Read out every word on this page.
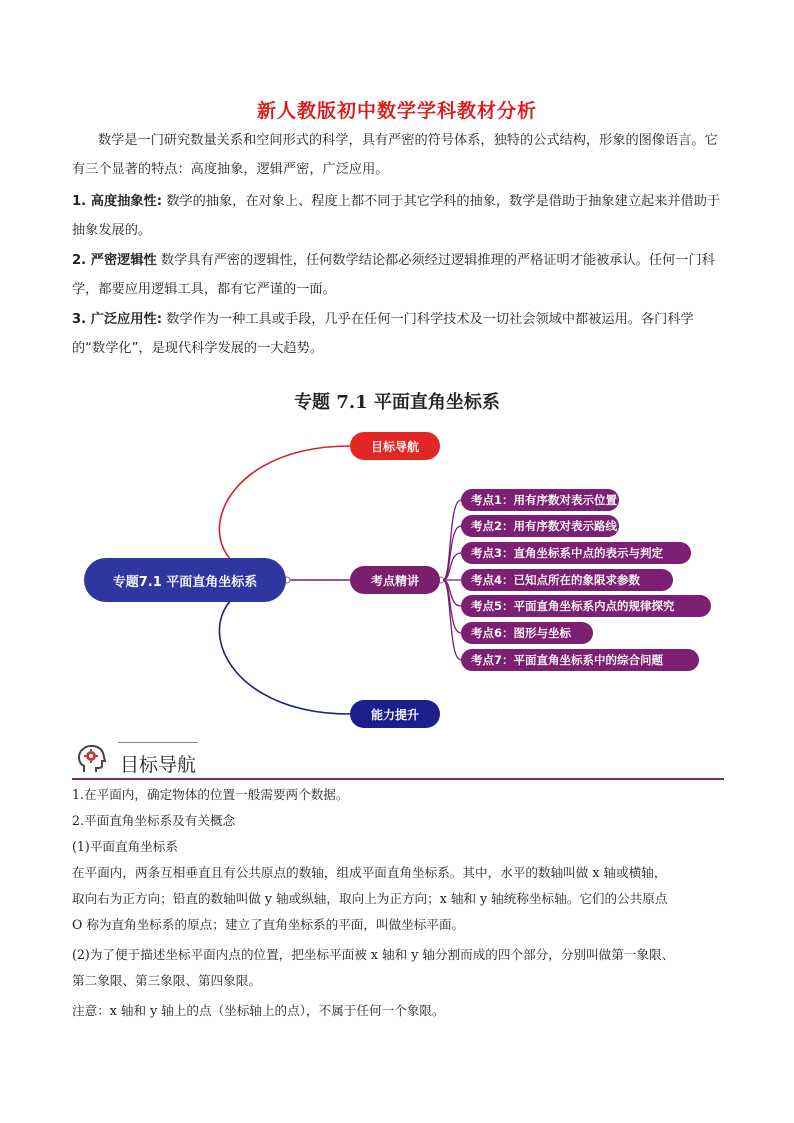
新人教版初中数学学科教材分析
数学是一门研究数量关系和空间形式的科学，具有严密的符号体系，独特的公式结构，形象的图像语言。它有三个显著的特点：高度抽象，逻辑严密，广泛应用。
1. 高度抽象性: 数学的抽象，在对象上、程度上都不同于其它学科的抽象，数学是借助于抽象建立起来并借助于抽象发展的。
2. 严密逻辑性 数学具有严密的逻辑性，任何数学结论都必须经过逻辑推理的严格证明才能被承认。任何一门科学，都要应用逻辑工具，都有它严谨的一面。
3. 广泛应用性: 数学作为一种工具或手段，几乎在任何一门科学技术及一切社会领域中都被运用。各门科学的“数学化”，是现代科学发展的一大趋势。
专题 7.1 平面直角坐标系
专题7.1 平面直角坐标系
目标导航
考点精讲
能力提升
考点1：用有序数对表示位置
考点2：用有序数对表示路线
考点3：直角坐标系中点的表示与判定
考点4：已知点所在的象限求参数
考点5：平面直角坐标系内点的规律探究
考点6：图形与坐标
考点7：平面直角坐标系中的综合问题
目标导航
1.在平面内，确定物体的位置一般需要两个数据。
2.平面直角坐标系及有关概念
(1)平面直角坐标系
在平面内，两条互相垂直且有公共原点的数轴，组成平面直角坐标系。其中，水平的数轴叫做 x 轴或横轴，
取向右为正方向；铅直的数轴叫做 y 轴或纵轴，取向上为正方向；x 轴和 y 轴统称坐标轴。它们的公共原点
O 称为直角坐标系的原点；建立了直角坐标系的平面，叫做坐标平面。
(2)为了便于描述坐标平面内点的位置，把坐标平面被 x 轴和 y 轴分割而成的四个部分，分别叫做第一象限、
第二象限、第三象限、第四象限。
注意：x 轴和 y 轴上的点（坐标轴上的点），不属于任何一个象限。
